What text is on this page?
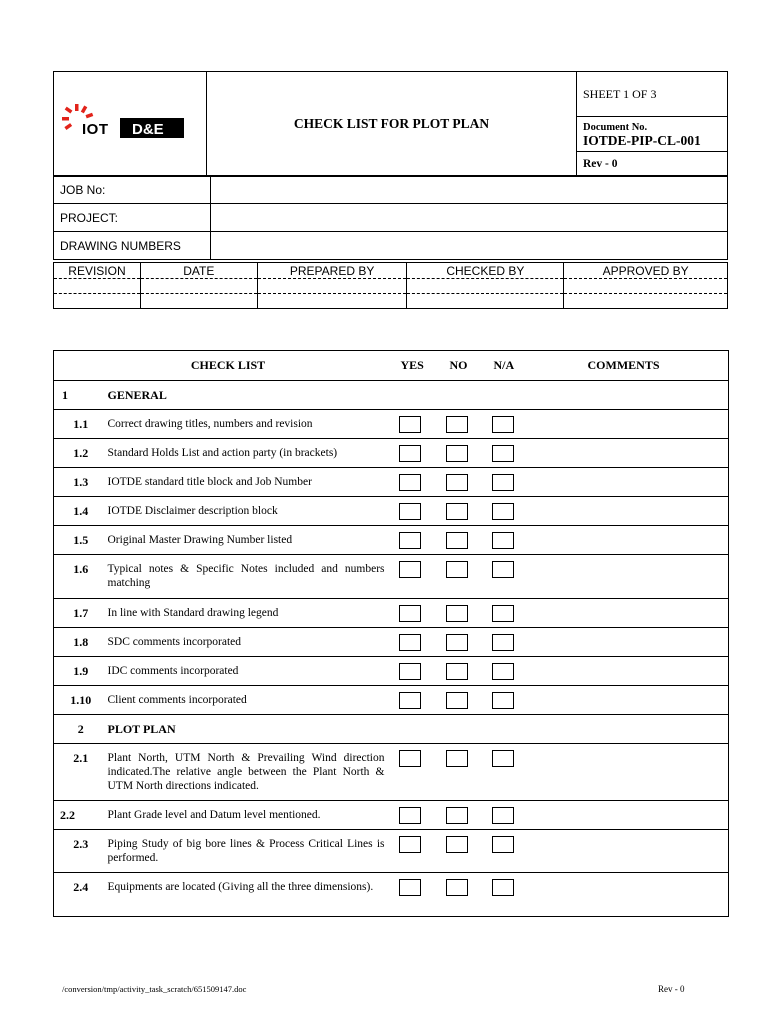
IOT D&E	CHECK LIST FOR PLOT PLAN	SHEET 1 OF 3

Document No.
IOTDE-PIP-CL-001

Rev - 0
JOB No:	
PROJECT:	
DRAWING NUMBERS	
REVISION	DATE	PREPARED BY	CHECKED BY	APPROVED BY

	CHECK LIST	YES	NO	N/A	COMMENTS
1	GENERAL				
1.1	Correct drawing titles, numbers and revision	

1.2	Standard Holds List and action party (in brackets)	

1.3	IOTDE standard title block and Job Number	

1.4	IOTDE Disclaimer description block	

1.5	Original Master Drawing Number listed	

1.6	Typical notes & Specific Notes included and numbers matching	

1.7	In line with Standard drawing legend	

1.8	SDC comments incorporated	

1.9	IDC comments incorporated	

1.10	Client comments incorporated	

2	PLOT PLAN				
2.1	Plant North, UTM North & Prevailing Wind direction indicated.The relative angle between the Plant North & UTM North directions indicated.	

2.2	Plant Grade level and Datum level mentioned.	

2.3	Piping Study of big bore lines & Process Critical Lines is performed.	

2.4	Equipments are located (Giving all the three dimensions).	

/conversion/tmp/activity_task_scratch/651509147.doc	Rev - 0
